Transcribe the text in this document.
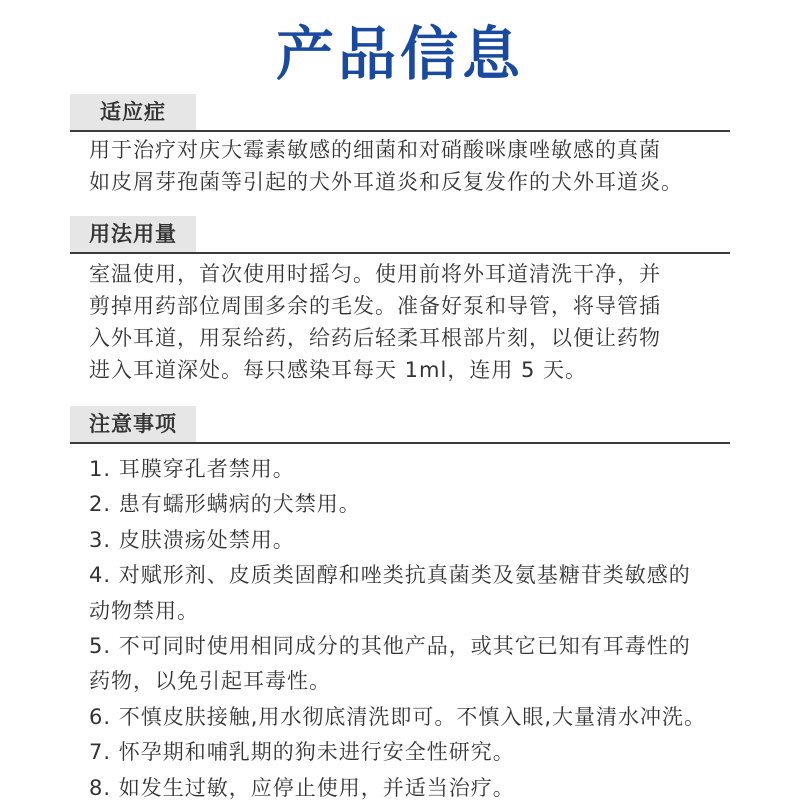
产品信息
适应症
用于治疗对庆大霉素敏感的细菌和对硝酸咪康唑敏感的真菌
如皮屑芽孢菌等引起的犬外耳道炎和反复发作的犬外耳道炎。
用法用量
室温使用，首次使用时摇匀。使用前将外耳道清洗干净，并
剪掉用药部位周围多余的毛发。准备好泵和导管，将导管插
入外耳道，用泵给药，给药后轻柔耳根部片刻，以便让药物
进入耳道深处。每只感染耳每天 1ml，连用 5 天。
注意事项
1. 耳膜穿孔者禁用。
2. 患有蠕形螨病的犬禁用。
3. 皮肤溃疡处禁用。
4. 对赋形剂、皮质类固醇和唑类抗真菌类及氨基糖苷类敏感的
动物禁用。
5. 不可同时使用相同成分的其他产品，或其它已知有耳毒性的
药物，以免引起耳毒性。
6. 不慎皮肤接触,用水彻底清洗即可。不慎入眼,大量清水冲洗。
7. 怀孕期和哺乳期的狗未进行安全性研究。
8. 如发生过敏，应停止使用，并适当治疗。
